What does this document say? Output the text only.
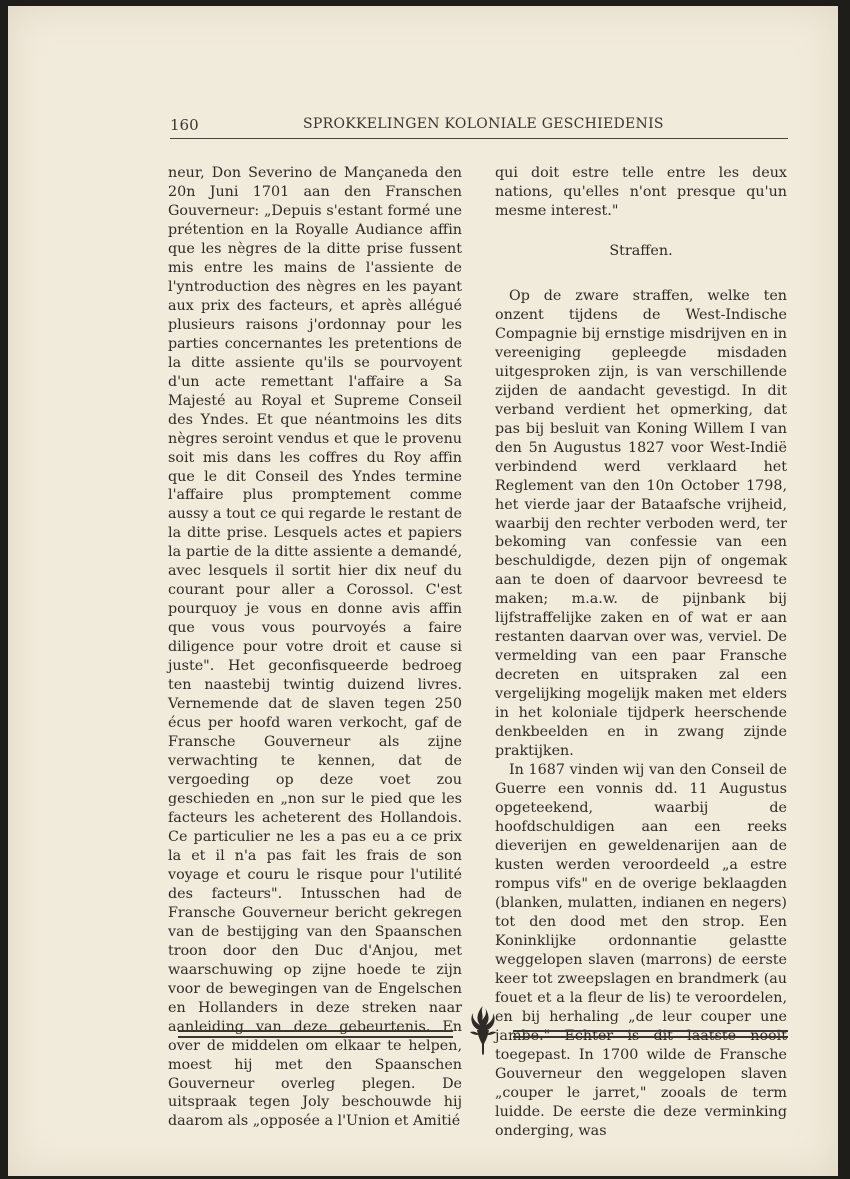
160	SPROKKELINGEN KOLONIALE GESCHIEDENIS

neur, Don Severino de Mançaneda den 20n Juni 1701 aan den Franschen Gouverneur: „Depuis s'estant formé une prétention en la Royalle Audiance affin que les nègres de la ditte prise fussent mis entre les mains de l'assiente de l'yntroduction des nègres en les payant aux prix des facteurs, et après allégué plusieurs raisons j'ordonnay pour les parties concernantes les pretentions de la ditte assiente qu'ils se pourvoyent d'un acte remettant l'affaire a Sa Majesté au Royal et Supreme Conseil des Yndes. Et que néantmoins les dits nègres seroint vendus et que le provenu soit mis dans les coffres du Roy affin que le dit Conseil des Yndes termine l'affaire plus promptement comme aussy a tout ce qui regarde le restant de la ditte prise. Lesquels actes et papiers la partie de la ditte assiente a demandé, avec lesquels il sortit hier dix neuf du courant pour aller a Corossol. C'est pourquoy je vous en donne avis affin que vous vous pourvoyés a faire diligence pour votre droit et cause si juste". Het geconfisqueerde bedroeg ten naastebij twintig duizend livres. Vernemende dat de slaven tegen 250 écus per hoofd waren verkocht, gaf de Fransche Gouverneur als zijne verwachting te kennen, dat de vergoeding op deze voet zou geschieden en „non sur le pied que les facteurs les acheterent des Hollandois. Ce particulier ne les a pas eu a ce prix la et il n'a pas fait les frais de son voyage et couru le risque pour l'utilité des facteurs". Intusschen had de Fransche Gouverneur bericht gekregen van de bestijging van den Spaanschen troon door den Duc d'Anjou, met waarschuwing op zijne hoede te zijn voor de bewegingen van de Engelschen en Hollanders in deze streken naar aanleiding van deze gebeurtenis. En over de middelen om elkaar te helpen, moest hij met den Spaanschen Gouverneur overleg plegen. De uitspraak tegen Joly beschouwde hij daarom als „opposée a l'Union et Amitié

qui doit estre telle entre les deux nations, qu'elles n'ont presque qu'un mesme interest."

Straffen.

Op de zware straffen, welke ten onzent tijdens de West-Indische Compagnie bij ernstige misdrijven en in vereeniging gepleegde misdaden uitgesproken zijn, is van verschillende zijden de aandacht gevestigd. In dit verband verdient het opmerking, dat pas bij besluit van Koning Willem I van den 5n Augustus 1827 voor West-Indië verbindend werd verklaard het Reglement van den 10n October 1798, het vierde jaar der Bataafsche vrijheid, waarbij den rechter verboden werd, ter bekoming van confessie van een beschuldigde, dezen pijn of ongemak aan te doen of daarvoor bevreesd te maken; m.a.w. de pijnbank bij lijfstraffelijke zaken en of wat er aan restanten daarvan over was, verviel. De vermelding van een paar Fransche decreten en uitspraken zal een vergelijking mogelijk maken met elders in het koloniale tijdperk heerschende denkbeelden en in zwang zijnde praktijken.

In 1687 vinden wij van den Conseil de Guerre een vonnis dd. 11 Augustus opgeteekend, waarbij de hoofdschuldigen aan een reeks dieverijen en geweldenarijen aan de kusten werden veroordeeld „a estre rompus vifs" en de overige beklaagden (blanken, mulatten, indianen en negers) tot den dood met den strop. Een Koninklijke ordonnantie gelastte weggelopen slaven (marrons) de eerste keer tot zweepslagen en brandmerk (au fouet et a la fleur de lis) te veroordelen, en bij herhaling „de leur couper une jambe." Echter is dit laatste nooit toegepast. In 1700 wilde de Fransche Gouverneur den weggelopen slaven „couper le jarret," zooals de term luidde. De eerste die deze verminking onderging, was
